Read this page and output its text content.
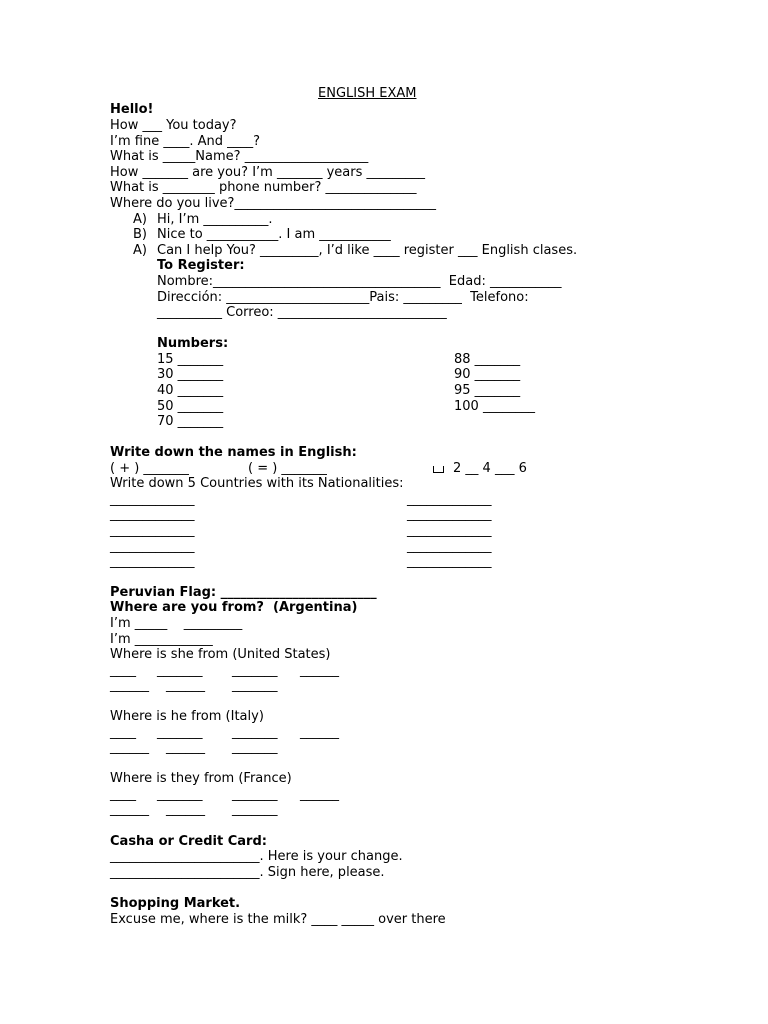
ENGLISH EXAM
Hello!
How ___ You today?
I’m fine ____. And ____?
What is _____Name? ___________________
How _______ are you? I’m _______ years _________
What is ________ phone number? ______________
Where do you live?_______________________________
A) Hi, I’m __________.
B) Nice to ___________. I am ___________
A) Can I help You? _________, I’d like ____ register ___ English clases.
To Register:
Nombre:___________________________________  Edad: ___________
Dirección: ______________________Pais: _________  Telefono:
__________ Correo: __________________________
Numbers:
15 _______
30 _______
40 _______
50 _______
70 _______
88 _______
90 _______
95 _______
100 ________
Write down the names in English:
( + ) _______	( = ) _______	2 __ 4 ___ 6
Write down 5 Countries with its Nationalities:
_____________
_____________
_____________
_____________
_____________
_____________
_____________
_____________
_____________
_____________
Peruvian Flag: ________________________
Where are you from?  (Argentina)
I’m _____    _________
I’m ____________
Where is she from (United States)
____ _______ _______ ______
______ ______ _______
Where is he from (Italy)
____ _______ _______ ______
______ ______ _______
Where is they from (France)
____ _______ _______ ______
______ ______ _______
Casha or Credit Card:
_______________________. Here is your change.
_______________________. Sign here, please.
Shopping Market.
Excuse me, where is the milk? ____ _____ over there
